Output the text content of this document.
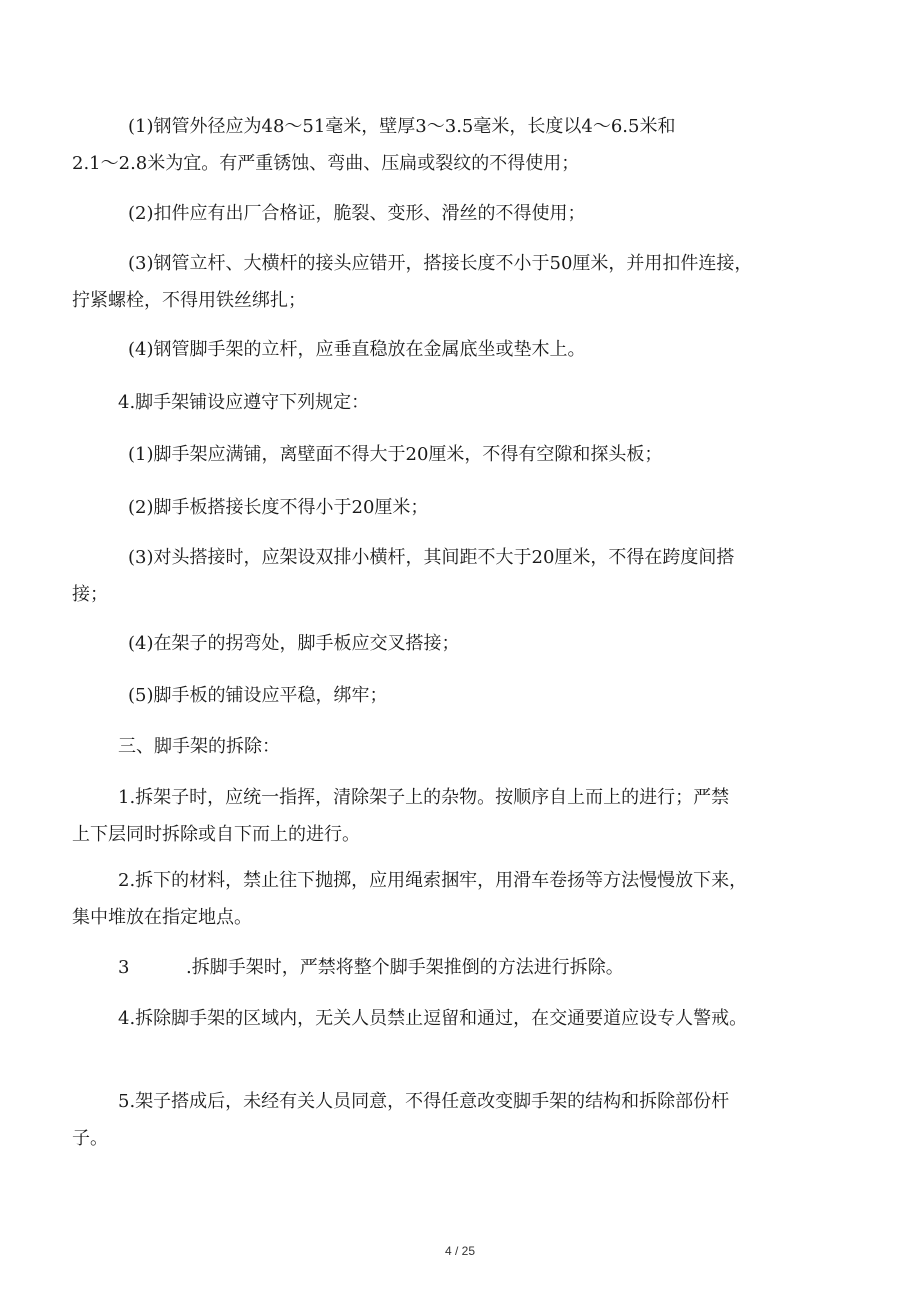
(1)钢管外径应为48～51毫米，壁厚3～3.5毫米，长度以4～6.5米和
2.1～2.8米为宜。有严重锈蚀、弯曲、压扁或裂纹的不得使用；
(2)扣件应有出厂合格证，脆裂、变形、滑丝的不得使用；
(3)钢管立杆、大横杆的接头应错开，搭接长度不小于50厘米，并用扣件连接，
拧紧螺栓，不得用铁丝绑扎；
(4)钢管脚手架的立杆，应垂直稳放在金属底坐或垫木上。
4.脚手架铺设应遵守下列规定：
(1)脚手架应满铺，离壁面不得大于20厘米，不得有空隙和探头板；
(2)脚手板搭接长度不得小于20厘米；
(3)对头搭接时，应架设双排小横杆，其间距不大于20厘米，不得在跨度间搭
接；
(4)在架子的拐弯处，脚手板应交叉搭接；
(5)脚手板的铺设应平稳，绑牢；
三、脚手架的拆除：
1.拆架子时，应统一指挥，清除架子上的杂物。按顺序自上而上的进行；严禁
上下层同时拆除或自下而上的进行。
2.拆下的材料，禁止往下抛掷，应用绳索捆牢，用滑车卷扬等方法慢慢放下来，
集中堆放在指定地点。
3	.拆脚手架时，严禁将整个脚手架推倒的方法进行拆除。
4.拆除脚手架的区域内，无关人员禁止逗留和通过，在交通要道应设专人警戒。
5.架子搭成后，未经有关人员同意，不得任意改变脚手架的结构和拆除部份杆
子。
4 / 25
